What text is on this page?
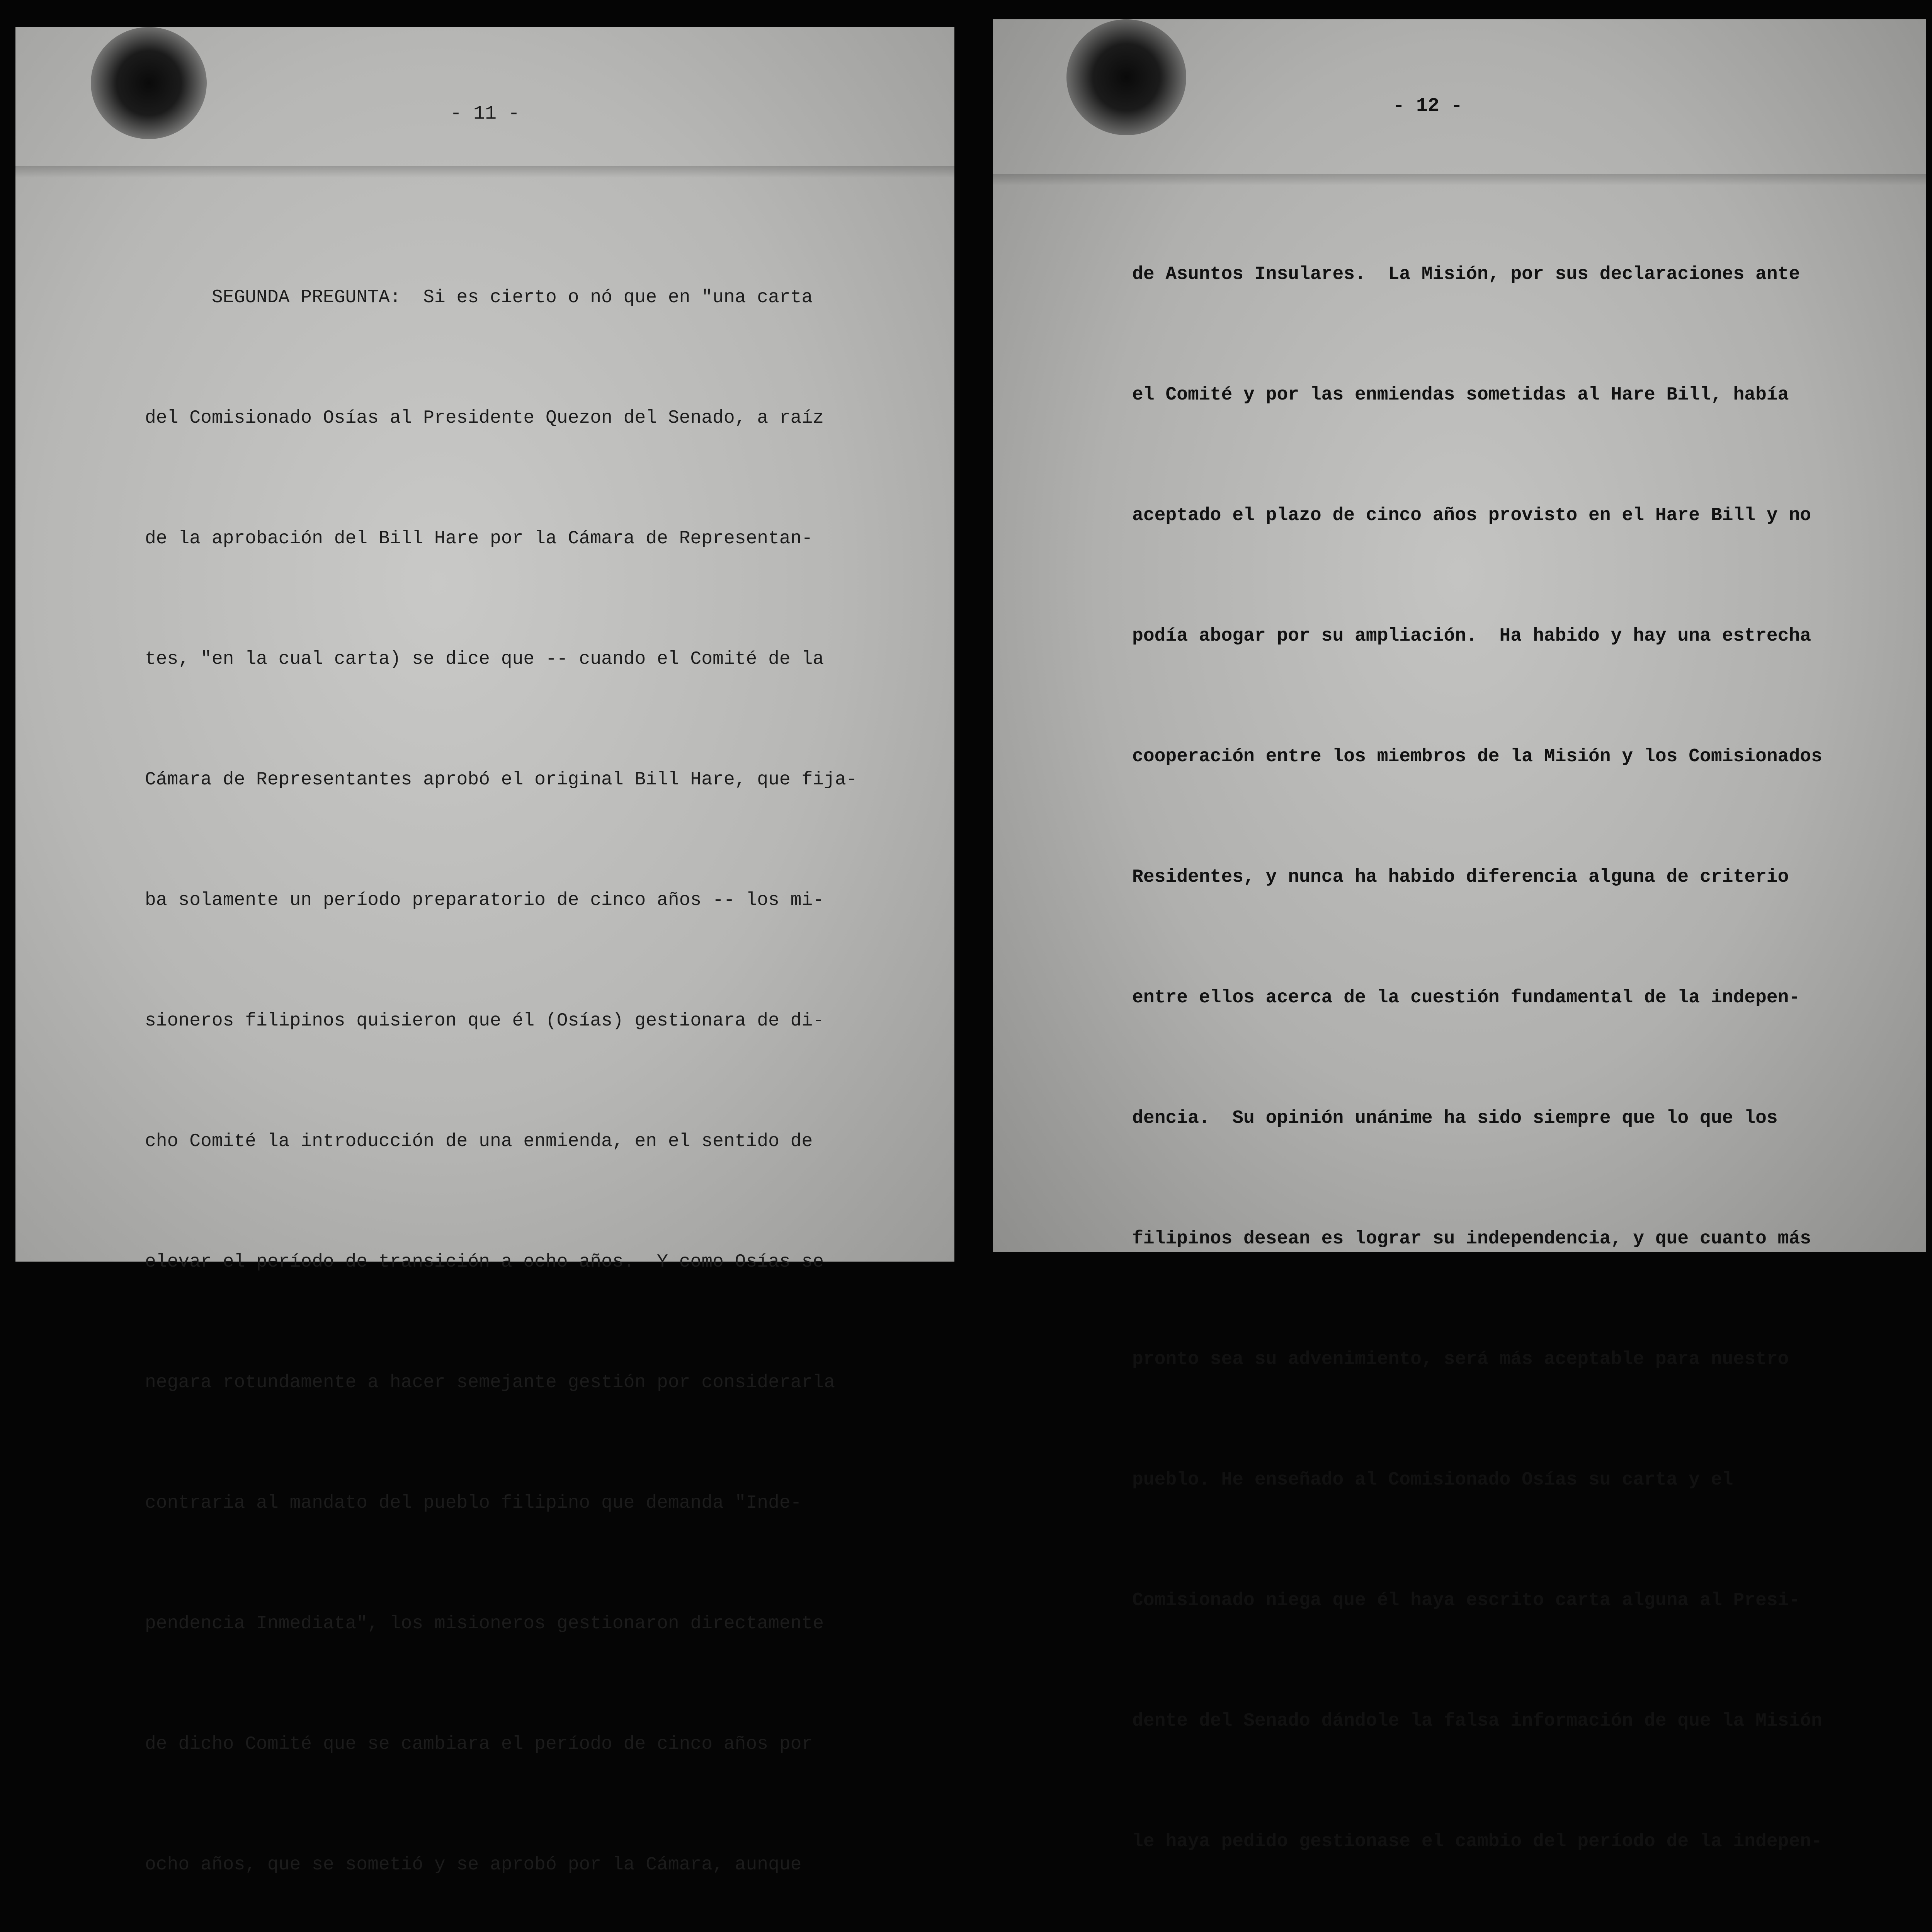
- 11 -

SEGUNDA PREGUNTA:  Si es cierto o nó que en "una carta

del Comisionado Osías al Presidente Quezon del Senado, a raíz

de la aprobación del Bill Hare por la Cámara de Representan-

tes, "en la cual carta) se dice que -- cuando el Comité de la

Cámara de Representantes aprobó el original Bill Hare, que fija-

ba solamente un período preparatorio de cinco años -- los mi-

sioneros filipinos quisieron que él (Osías) gestionara de di-

cho Comité la introducción de una enmienda, en el sentido de

elevar el período de transición a ocho años.  Y como Osías se

negara rotundamente a hacer semejante gestión por considerarla

contraria al mandato del pueblo filipino que demanda "Inde-

pendencia Inmediata", los misioneros gestionaron directamente

de dicho Comité que se cambiara el período de cinco años por

ocho años, que se sometió y se aprobó por la Cámara, aunque

- 12 -

de Asuntos Insulares.  La Misión, por sus declaraciones ante

el Comité y por las enmiendas sometidas al Hare Bill, había

aceptado el plazo de cinco años provisto en el Hare Bill y no

podía abogar por su ampliación.  Ha habido y hay una estrecha

cooperación entre los miembros de la Misión y los Comisionados

Residentes, y nunca ha habido diferencia alguna de criterio

entre ellos acerca de la cuestión fundamental de la indepen-

dencia.  Su opinión unánime ha sido siempre que lo que los

filipinos desean es lograr su independencia, y que cuanto más

pronto sea su advenimiento, será más aceptable para nuestro

pueblo. He enseñado al Comisionado Osías su carta y el

Comisionado niega que él haya escrito carta alguna al Presi-

dente del Senado dándole la falsa información de que la Misión

le haya pedido gestionase el cambio del período de la indepen-
